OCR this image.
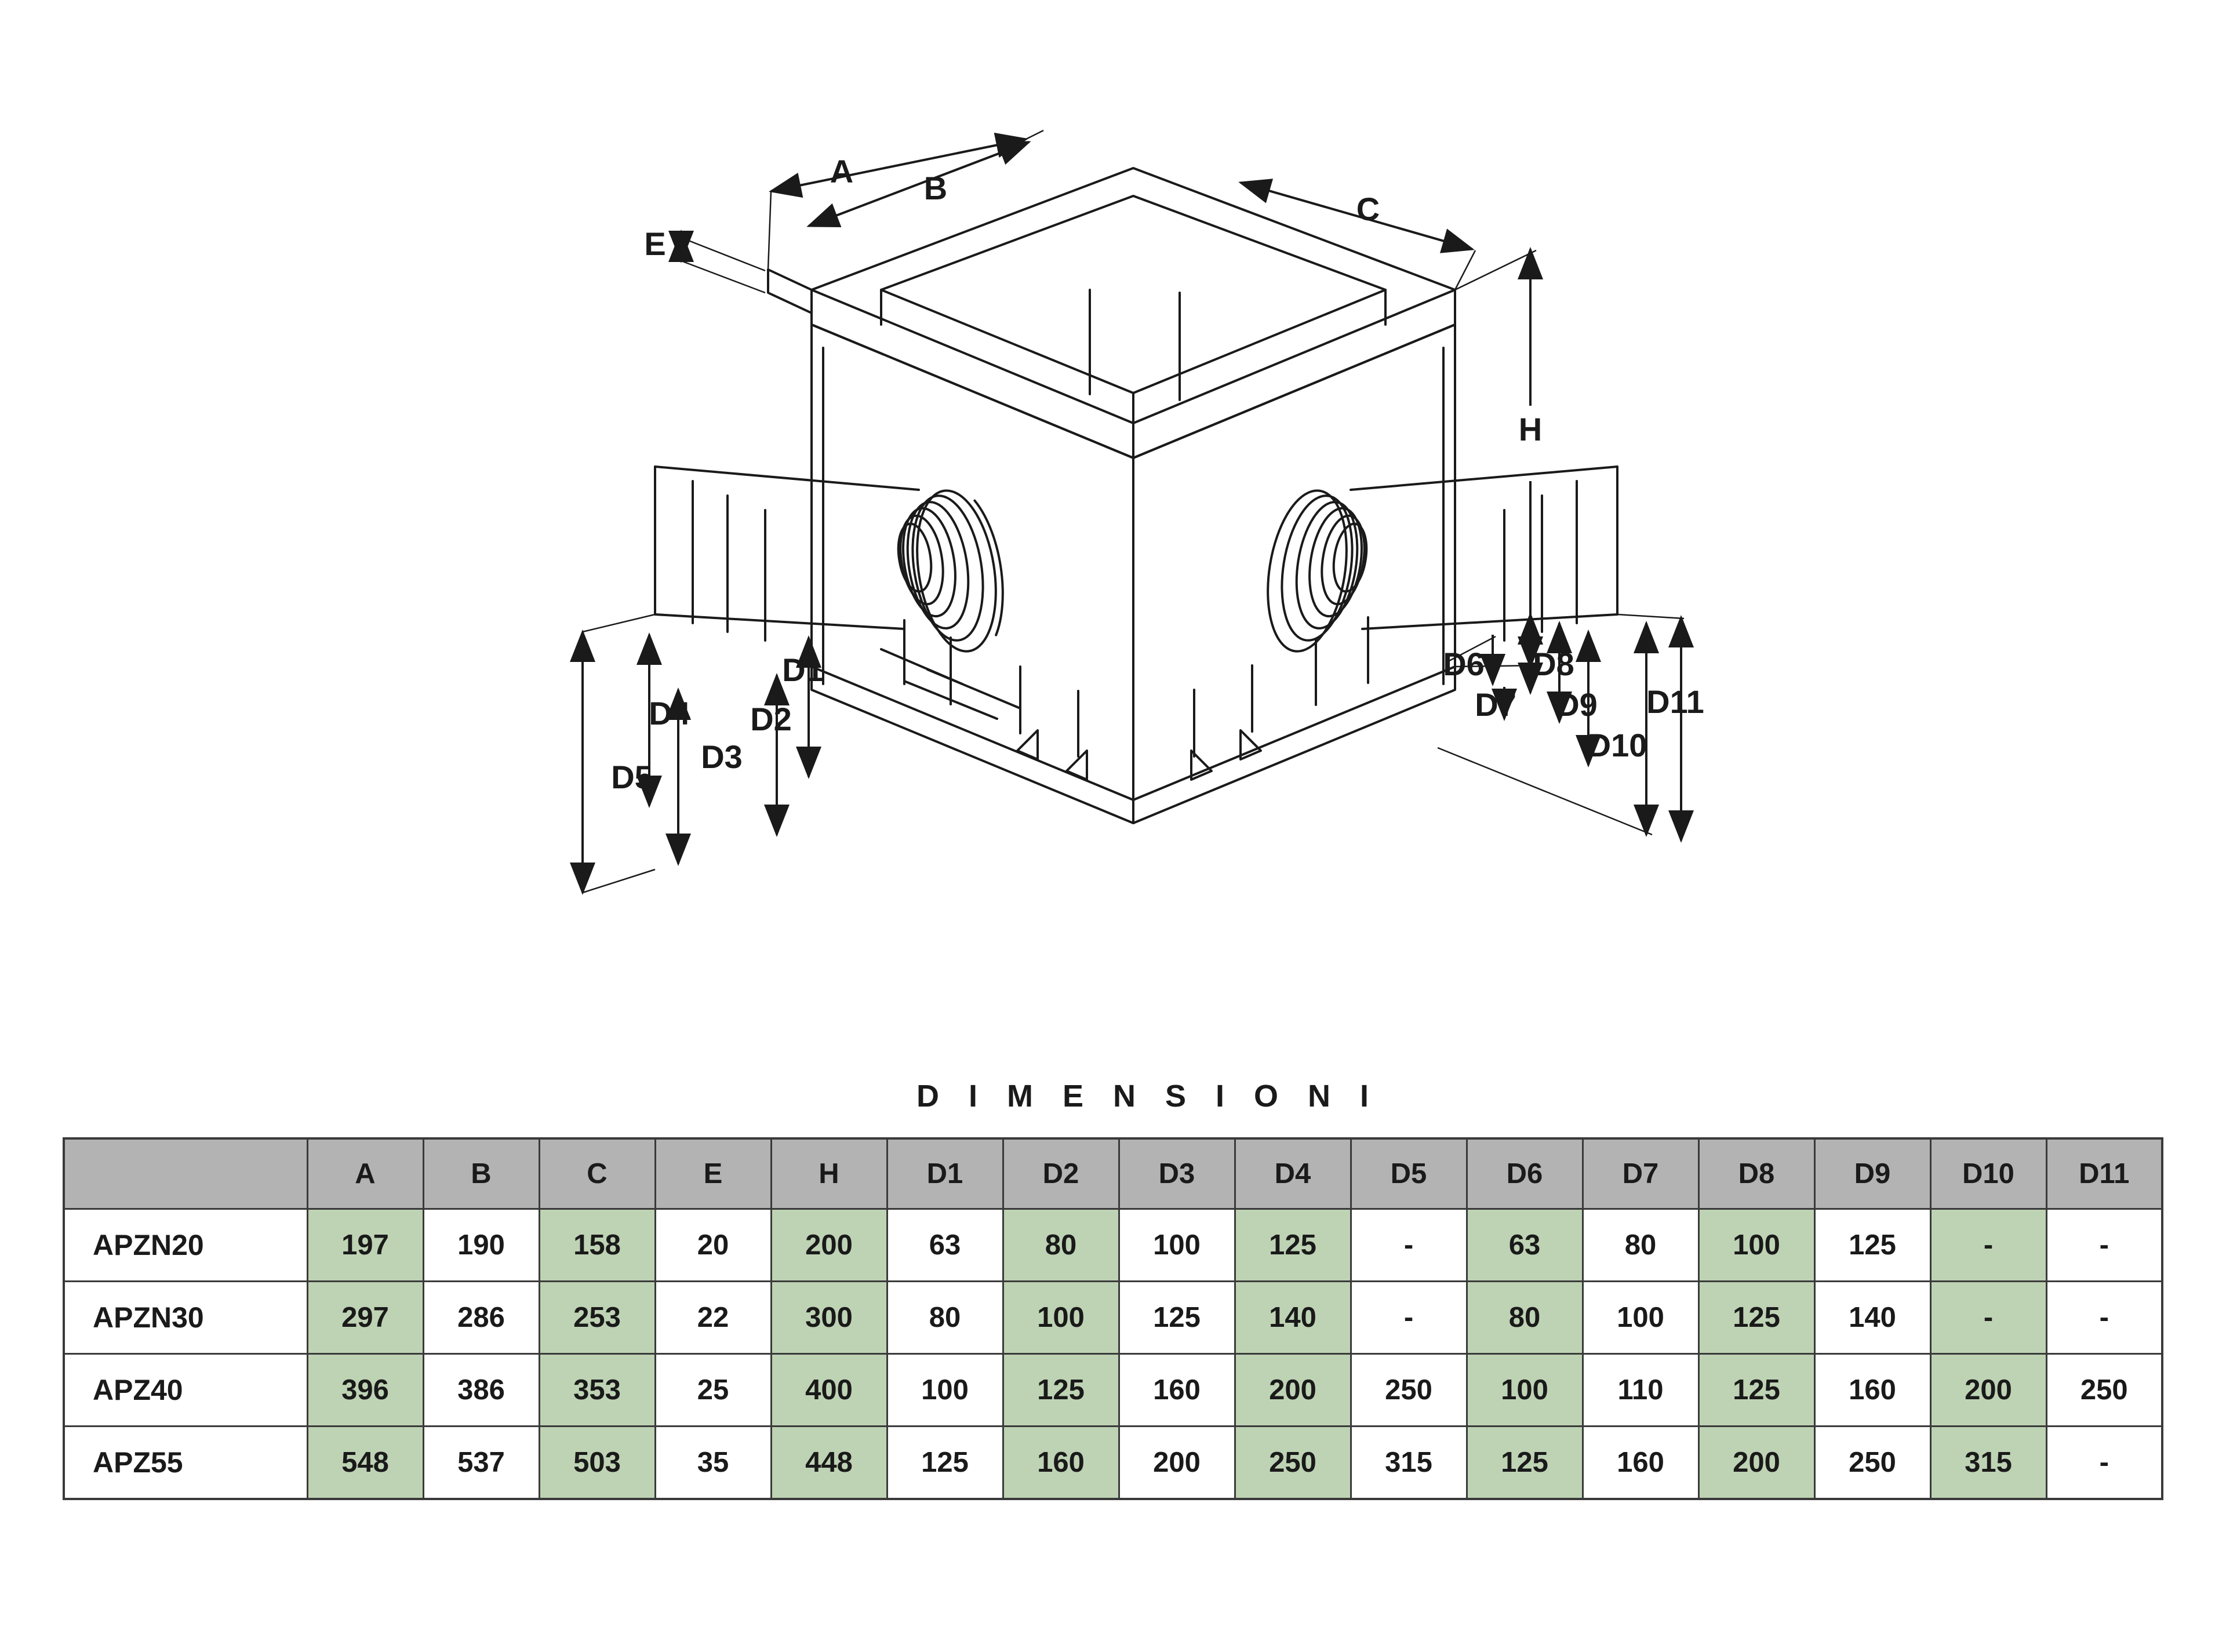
A B
C
E
H
D1
D2
D3
D4
D5
D6
D7
D8
D9
D10
D11
D I M E N S I O N I
	A	B	C	E	H	D1	D2	D3	D4	D5	D6	D7	D8	D9	D10	D11
APZN20	197	190	158	20	200	63	80	100	125	-	63	80	100	125	-	-
APZN30	297	286	253	22	300	80	100	125	140	-	80	100	125	140	-	-
APZ40	396	386	353	25	400	100	125	160	200	250	100	110	125	160	200	250
APZ55	548	537	503	35	448	125	160	200	250	315	125	160	200	250	315	-
